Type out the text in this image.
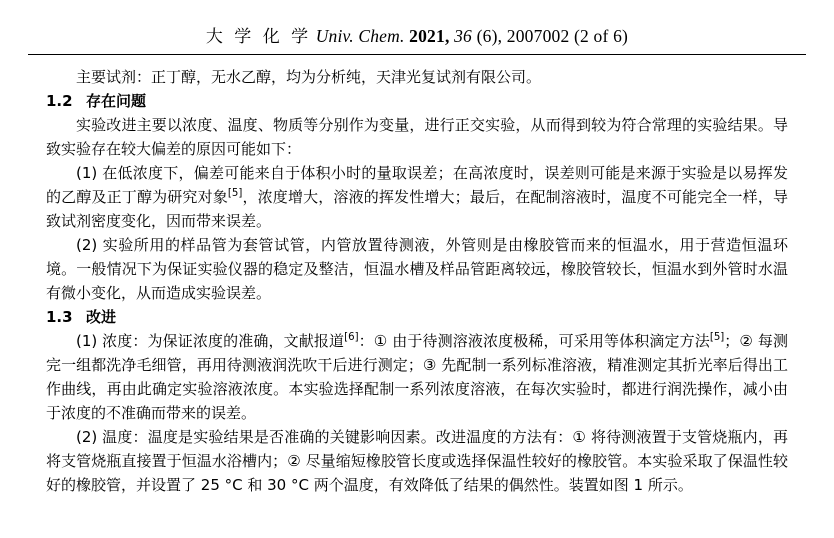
大 学 化 学 Univ. Chem. 2021, 36 (6), 2007002 (2 of 6)

主要试剂：正丁醇，无水乙醇，均为分析纯，天津光复试剂有限公司。

1.2 存在问题

实验改进主要以浓度、温度、物质等分别作为变量，进行正交实验，从而得到较为符合常理的实验结果。导致实验存在较大偏差的原因可能如下：

(1) 在低浓度下，偏差可能来自于体积小时的量取误差；在高浓度时，误差则可能是来源于实验是以易挥发的乙醇及正丁醇为研究对象[5]，浓度增大，溶液的挥发性增大；最后，在配制溶液时，温度不可能完全一样，导致试剂密度变化，因而带来误差。

(2) 实验所用的样品管为套管试管，内管放置待测液，外管则是由橡胶管而来的恒温水，用于营造恒温环境。一般情况下为保证实验仪器的稳定及整洁，恒温水槽及样品管距离较远，橡胶管较长，恒温水到外管时水温有微小变化，从而造成实验误差。

1.3 改进

(1) 浓度：为保证浓度的准确，文献报道[6]：① 由于待测溶液浓度极稀，可采用等体积滴定方法[5]；② 每测完一组都洗净毛细管，再用待测液润洗吹干后进行测定；③ 先配制一系列标准溶液，精准测定其折光率后得出工作曲线，再由此确定实验溶液浓度。本实验选择配制一系列浓度溶液，在每次实验时，都进行润洗操作，减小由于浓度的不准确而带来的误差。

(2) 温度：温度是实验结果是否准确的关键影响因素。改进温度的方法有：① 将待测液置于支管烧瓶内，再将支管烧瓶直接置于恒温水浴槽内；② 尽量缩短橡胶管长度或选择保温性较好的橡胶管。本实验采取了保温性较好的橡胶管，并设置了 25 °C 和 30 °C 两个温度，有效降低了结果的偶然性。装置如图 1 所示。
